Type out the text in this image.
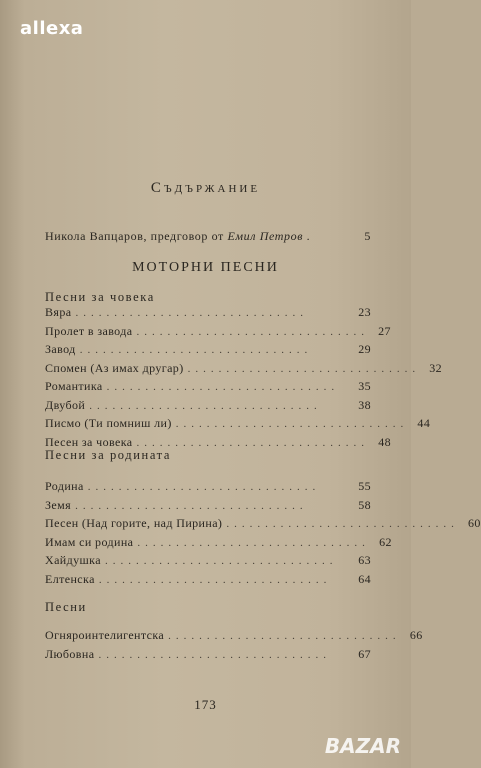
allexa
Съдържание
Никола Вапцаров, предговор от Емил Петров .	5
МОТОРНИ ПЕСНИ
Песни за човека
Вяра ..............................	23
Пролет в завода .............................. 27
Завод ..............................	29
Спомен (Аз имах другар) .............................. 32
Романтика ..............................	35
Двубой ..............................	38
Писмо (Ти помниш ли) .............................. 44
Песен за човека .............................. 48
Песни за родината
Родина ..............................	55
Земя ..............................	58
Песен (Над горите, над Пирина) .............................. 60
Имам си родина .............................. 62
Хайдушка ..............................	63
Елтенска ..............................	64
Песни
Огняроинтелигентска .............................. 66
Любовна ..............................	67
173
BAZAR
